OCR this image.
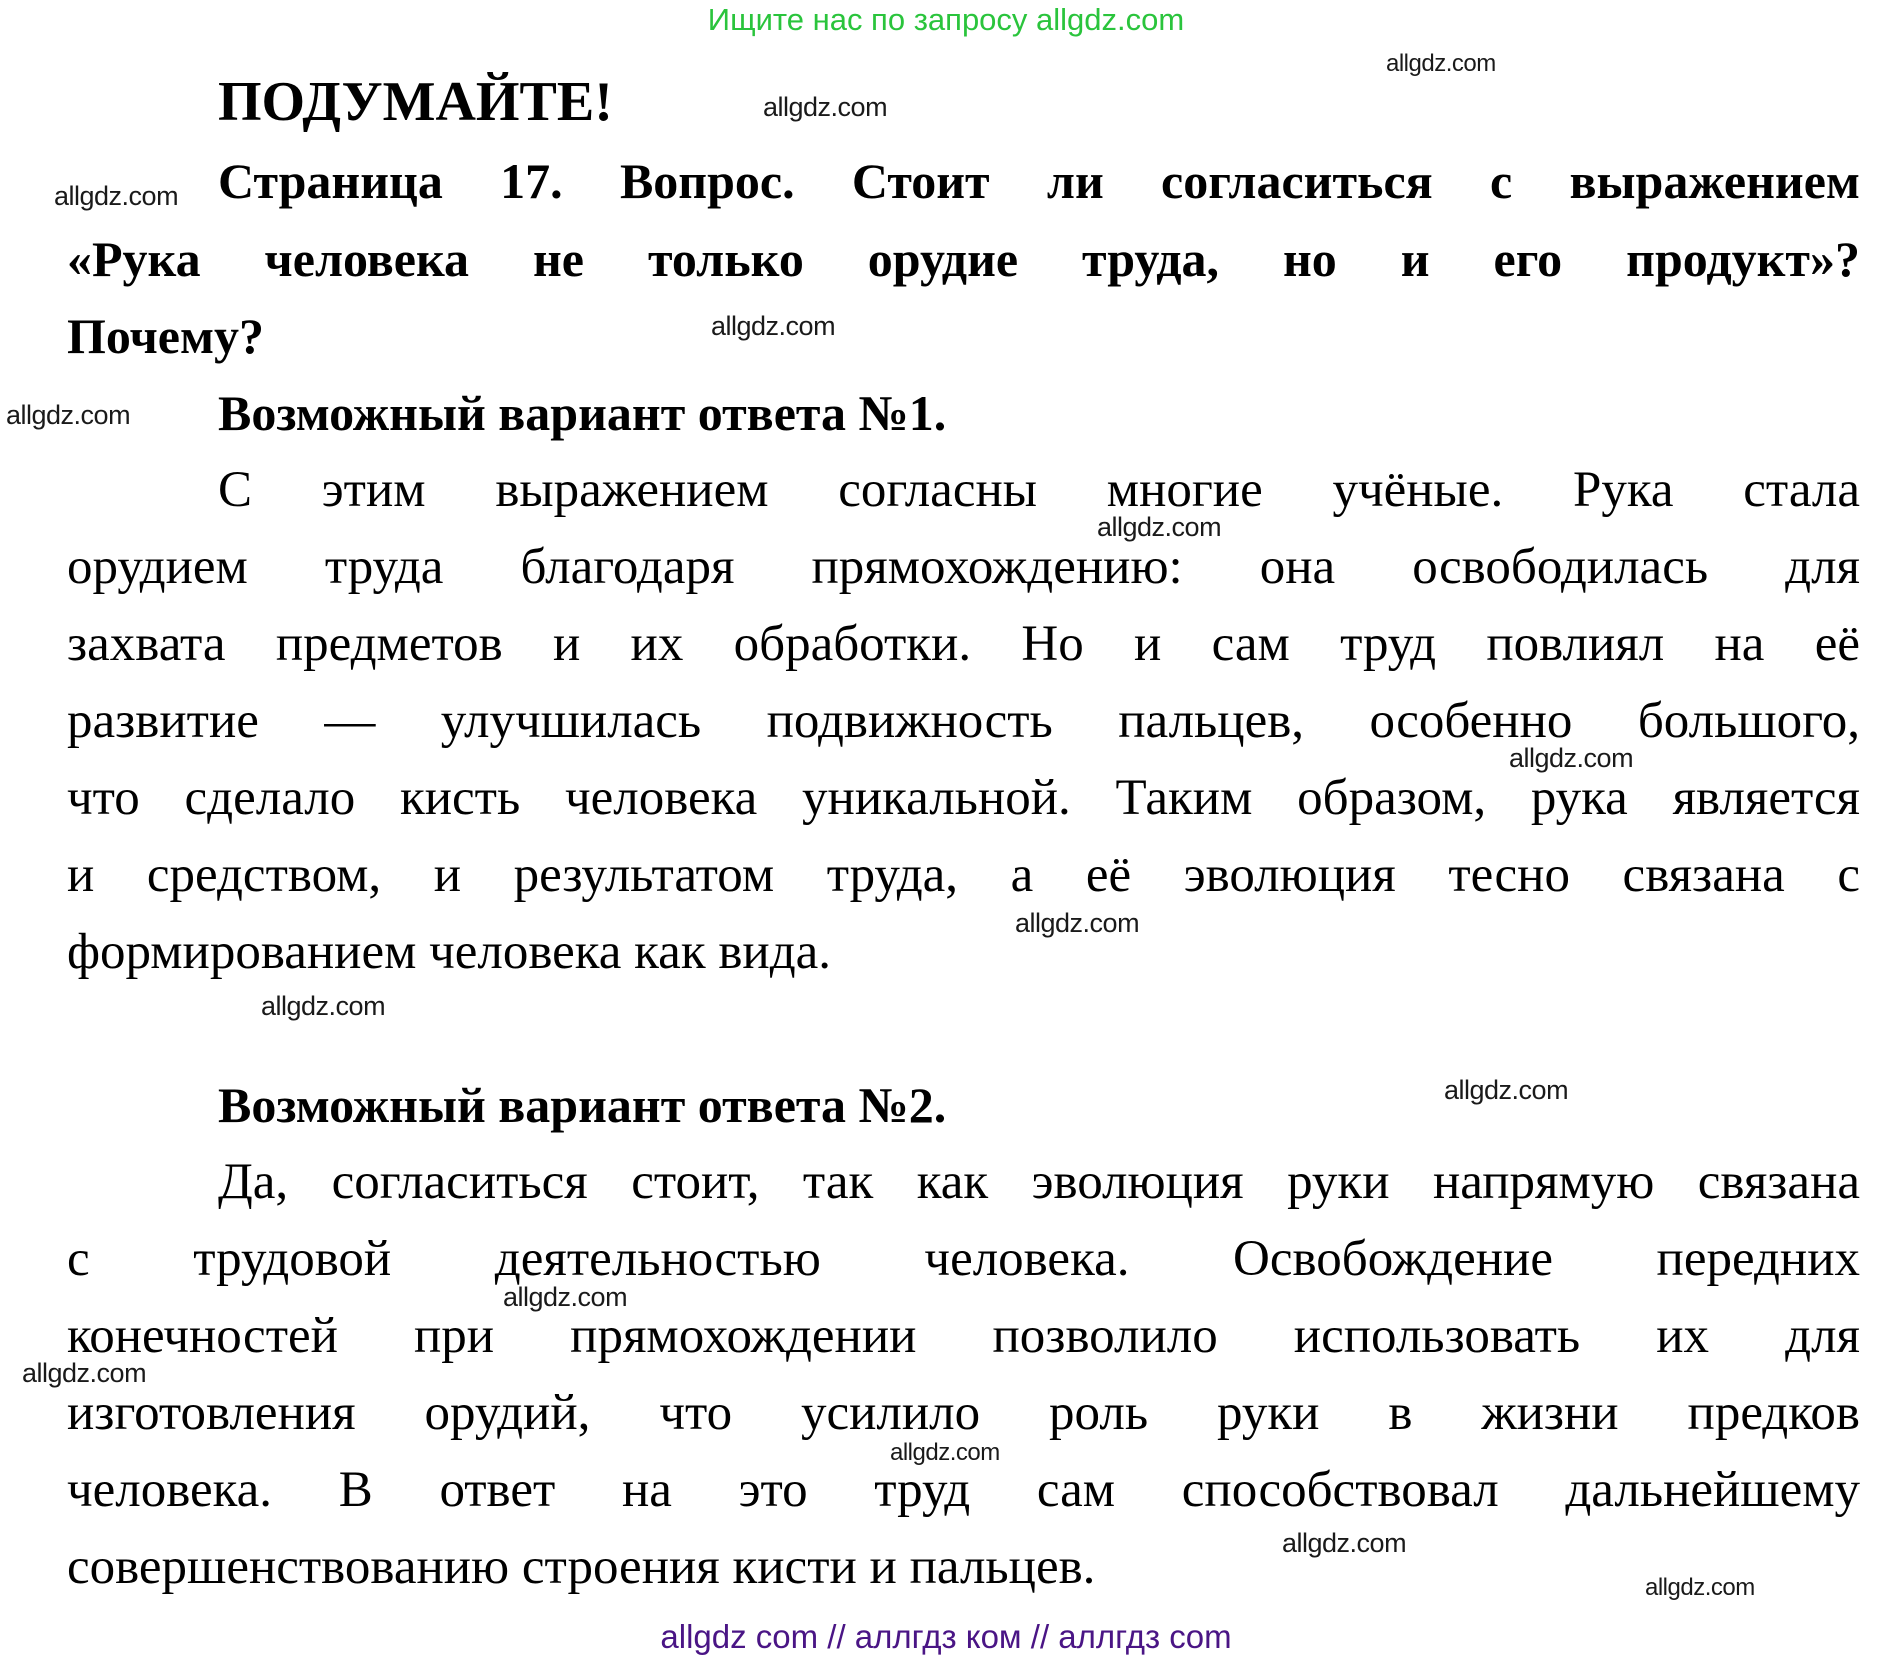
Ищите нас по запросу allgdz.com
allgdz.com
allgdz.com
allgdz.com
allgdz.com
allgdz.com
allgdz.com
allgdz.com
allgdz.com
allgdz.com
allgdz.com
allgdz.com
allgdz.com
allgdz.com
allgdz.com
allgdz.com
ПОДУМАЙТЕ!
Страница 17. Вопрос. Стоит ли согласиться с выражением
«Рука человека не только орудие труда, но и его продукт»?
Почему?
Возможный вариант ответа №1.
С этим выражением согласны многие учёные. Рука стала
орудием труда благодаря прямохождению: она освободилась для
захвата предметов и их обработки. Но и сам труд повлиял на её
развитие — улучшилась подвижность пальцев, особенно большого,
что сделало кисть человека уникальной. Таким образом, рука является
и средством, и результатом труда, а её эволюция тесно связана с
формированием человека как вида.
Возможный вариант ответа №2.
Да, согласиться стоит, так как эволюция руки напрямую связана
с трудовой деятельностью человека. Освобождение передних
конечностей при прямохождении позволило использовать их для
изготовления орудий, что усилило роль руки в жизни предков
человека. В ответ на это труд сам способствовал дальнейшему
совершенствованию строения кисти и пальцев.
allgdz com // аллгдз ком // аллгдз com
